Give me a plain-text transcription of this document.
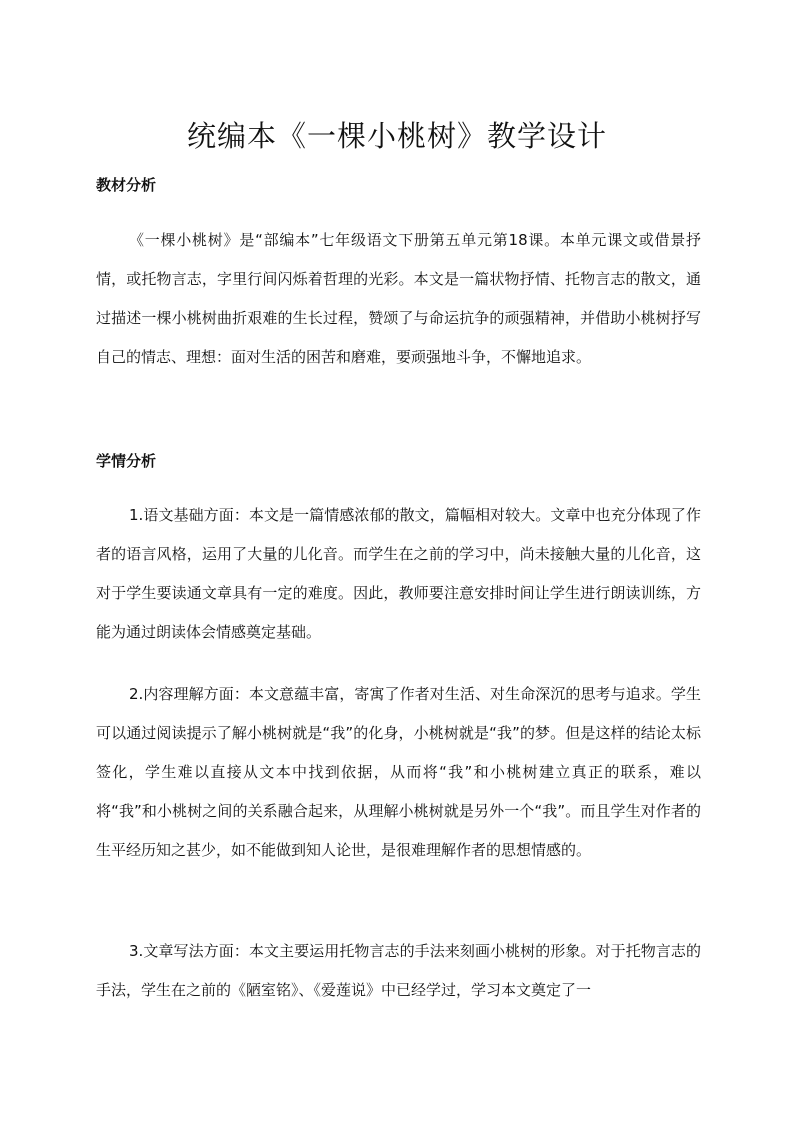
统编本《一棵小桃树》教学设计
教材分析
《一棵小桃树》是“部编本”七年级语文下册第五单元第18课。本单元课文或借景抒情，或托物言志，字里行间闪烁着哲理的光彩。本文是一篇状物抒情、托物言志的散文，通过描述一棵小桃树曲折艰难的生长过程，赞颂了与命运抗争的顽强精神，并借助小桃树抒写自己的情志、理想：面对生活的困苦和磨难，要顽强地斗争，不懈地追求。
学情分析
1.语文基础方面：本文是一篇情感浓郁的散文，篇幅相对较大。文章中也充分体现了作者的语言风格，运用了大量的儿化音。而学生在之前的学习中，尚未接触大量的儿化音，这对于学生要读通文章具有一定的难度。因此，教师要注意安排时间让学生进行朗读训练，方能为通过朗读体会情感奠定基础。
2.内容理解方面：本文意蕴丰富，寄寓了作者对生活、对生命深沉的思考与追求。学生可以通过阅读提示了解小桃树就是“我”的化身，小桃树就是“我”的梦。但是这样的结论太标签化，学生难以直接从文本中找到依据，从而将“我”和小桃树建立真正的联系，难以将“我”和小桃树之间的关系融合起来，从理解小桃树就是另外一个“我”。而且学生对作者的生平经历知之甚少，如不能做到知人论世，是很难理解作者的思想情感的。
3.文章写法方面：本文主要运用托物言志的手法来刻画小桃树的形象。对于托物言志的手法，学生在之前的《陋室铭》、《爱莲说》中已经学过，学习本文奠定了一
